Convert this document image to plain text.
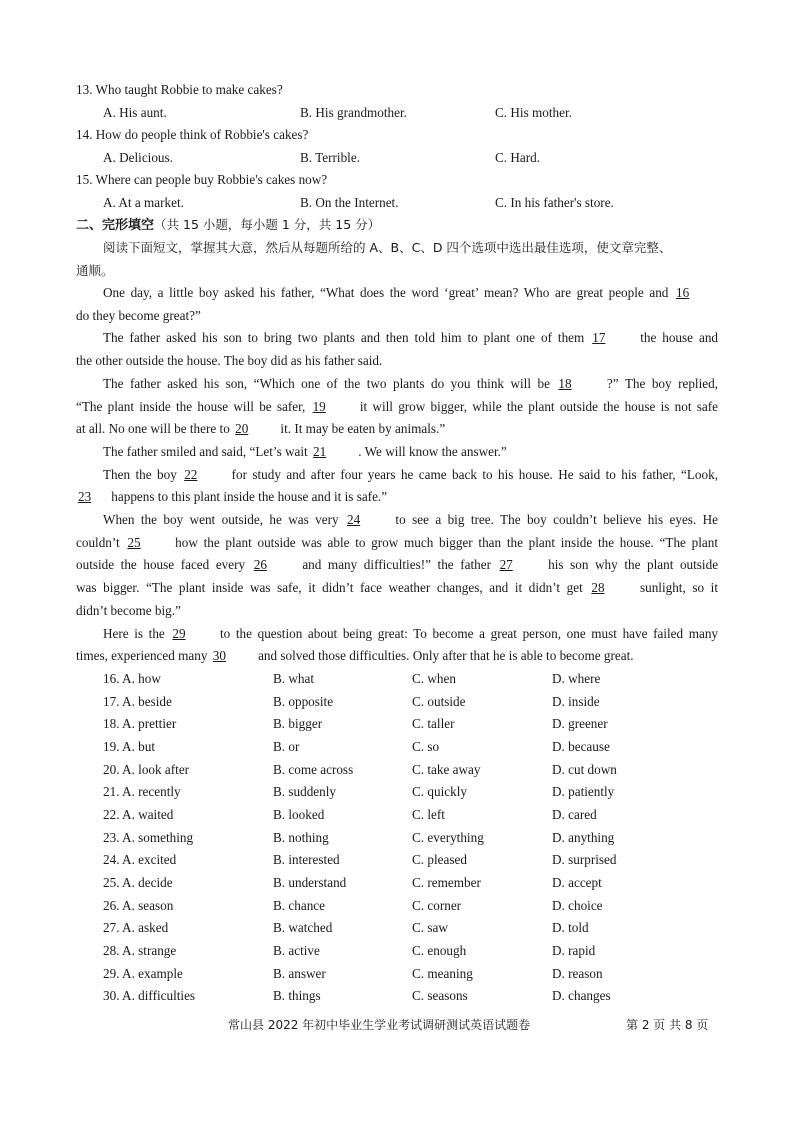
13. Who taught Robbie to make cakes?
A. His aunt.	B. His grandmother.	C. His mother.
14. How do people think of Robbie's cakes?
A. Delicious.	B. Terrible.	C. Hard.
15. Where can people buy Robbie's cakes now?
A. At a market.	B. On the Internet.	C. In his father's store.
二、完形填空（共 15 小题，每小题 1 分，共 15 分）
阅读下面短文，掌握其大意，然后从每题所给的 A、B、C、D 四个选项中选出最佳选项，使文章完整、
通顺。
One day, a little boy asked his father, “What does the word ‘great’ mean? Who are great people and 16
do they become great?”
The father asked his son to bring two plants and then told him to plant one of them 17	the house and
the other outside the house. The boy did as his father said.
The father asked his son, “Which one of the two plants do you think will be 18	?” The boy replied,
“The plant inside the house will be safer, 19	it will grow bigger, while the plant outside the house is not safe
at all. No one will be there to 20 it. It may be eaten by animals.”
The father smiled and said, “Let’s wait 21 . We will know the answer.”
Then the boy 22	for study and after four years he came back to his house. He said to his father, “Look,
23 happens to this plant inside the house and it is safe.”
When the boy went outside, he was very 24	to see a big tree. The boy couldn’t believe his eyes. He
couldn’t 25	how the plant outside was able to grow much bigger than the plant inside the house. “The plant
outside the house faced every 26	and many difficulties!” the father 27	his son why the plant outside
was bigger. “The plant inside was safe, it didn’t face weather changes, and it didn’t get 28	sunlight, so it
didn’t become big.”
Here is the 29	to the question about being great: To become a great person, one must have failed many
times, experienced many 30 and solved those difficulties. Only after that he is able to become great.
16. A. how	B. what	C. when	D. where
17. A. beside	B. opposite	C. outside	D. inside
18. A. prettier	B. bigger	C. taller	D. greener
19. A. but	B. or	C. so	D. because
20. A. look after	B. come across	C. take away	D. cut down
21. A. recently	B. suddenly	C. quickly	D. patiently
22. A. waited	B. looked	C. left	D. cared
23. A. something	B. nothing	C. everything	D. anything
24. A. excited	B. interested	C. pleased	D. surprised
25. A. decide	B. understand	C. remember	D. accept
26. A. season	B. chance	C. corner	D. choice
27. A. asked	B. watched	C. saw	D. told
28. A. strange	B. active	C. enough	D. rapid
29. A. example	B. answer	C. meaning	D. reason
30. A. difficulties	B. things	C. seasons	D. changes
常山县 2022 年初中毕业生学业考试调研测试英语试题卷	第 2 页 共 8 页
